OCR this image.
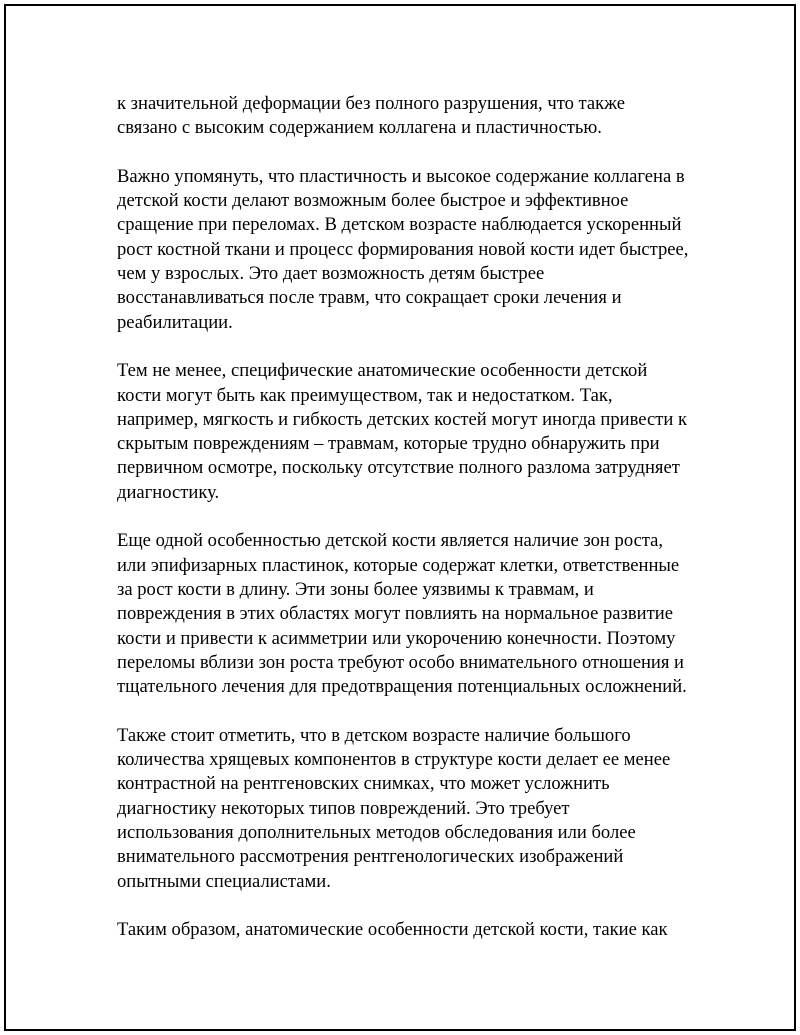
к значительной деформации без полного разрушения, что также
связано с высоким содержанием коллагена и пластичностью.

Важно упомянуть, что пластичность и высокое содержание коллагена в
детской кости делают возможным более быстрое и эффективное
сращение при переломах. В детском возрасте наблюдается ускоренный
рост костной ткани и процесс формирования новой кости идет быстрее,
чем у взрослых. Это дает возможность детям быстрее
восстанавливаться после травм, что сокращает сроки лечения и
реабилитации.

Тем не менее, специфические анатомические особенности детской
кости могут быть как преимуществом, так и недостатком. Так,
например, мягкость и гибкость детских костей могут иногда привести к
скрытым повреждениям – травмам, которые трудно обнаружить при
первичном осмотре, поскольку отсутствие полного разлома затрудняет
диагностику.

Еще одной особенностью детской кости является наличие зон роста,
или эпифизарных пластинок, которые содержат клетки, ответственные
за рост кости в длину. Эти зоны более уязвимы к травмам, и
повреждения в этих областях могут повлиять на нормальное развитие
кости и привести к асимметрии или укорочению конечности. Поэтому
переломы вблизи зон роста требуют особо внимательного отношения и
тщательного лечения для предотвращения потенциальных осложнений.

Также стоит отметить, что в детском возрасте наличие большого
количества хрящевых компонентов в структуре кости делает ее менее
контрастной на рентгеновских снимках, что может усложнить
диагностику некоторых типов повреждений. Это требует
использования дополнительных методов обследования или более
внимательного рассмотрения рентгенологических изображений
опытными специалистами.

Таким образом, анатомические особенности детской кости, такие как
